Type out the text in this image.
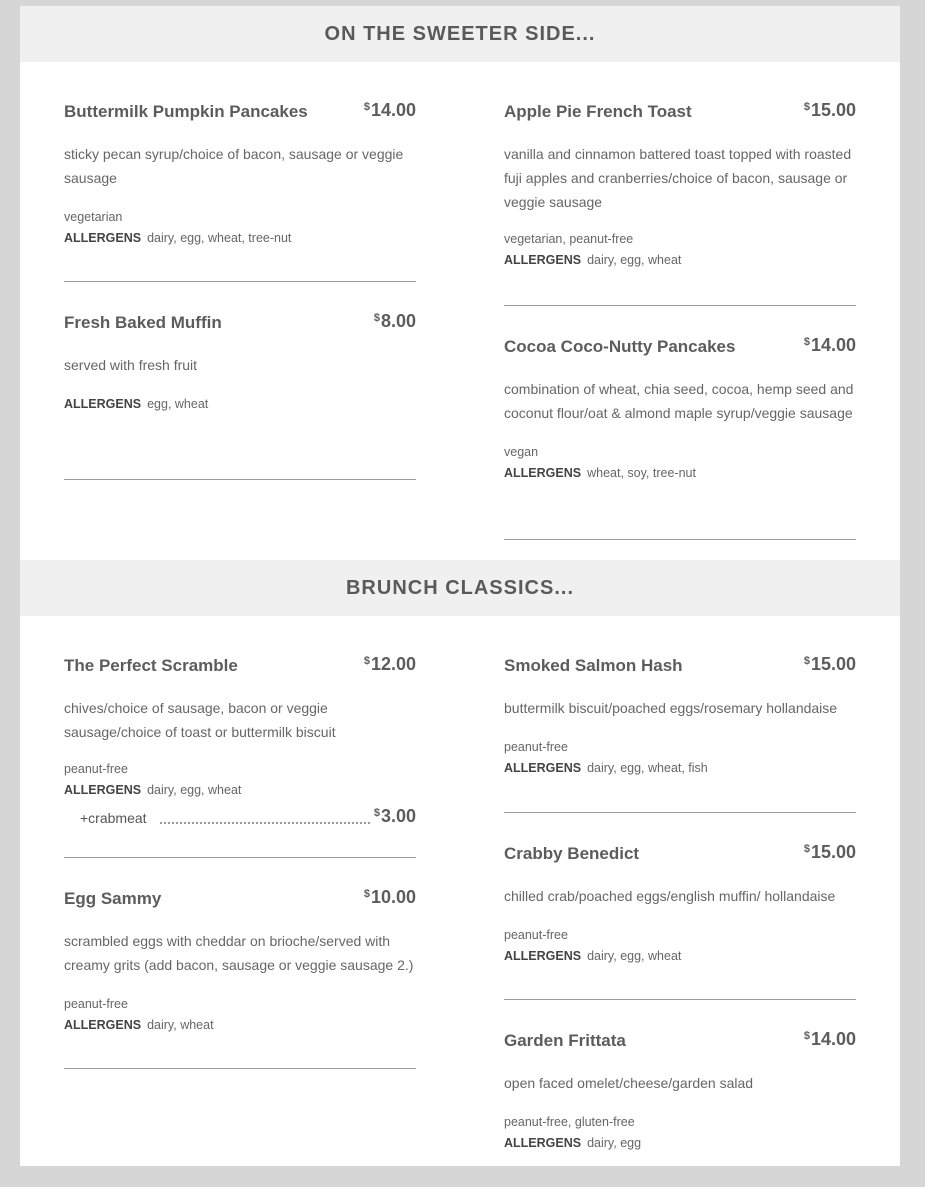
ON THE SWEETER SIDE...
Buttermilk Pumpkin Pancakes	$14.00
sticky pecan syrup/choice of bacon, sausage or veggie sausage
vegetarian
ALLERGENS dairy, egg, wheat, tree-nut
Fresh Baked Muffin	$8.00
served with fresh fruit
ALLERGENS egg, wheat
Apple Pie French Toast	$15.00
vanilla and cinnamon battered toast topped with roasted fuji apples and cranberries/choice of bacon, sausage or veggie sausage
vegetarian, peanut-free
ALLERGENS dairy, egg, wheat
Cocoa Coco-Nutty Pancakes	$14.00
combination of wheat, chia seed, cocoa, hemp seed and coconut flour/oat & almond maple syrup/veggie sausage
vegan
ALLERGENS wheat, soy, tree-nut
BRUNCH CLASSICS...
The Perfect Scramble	$12.00
chives/choice of sausage, bacon or veggie sausage/choice of toast or buttermilk biscuit
peanut-free
ALLERGENS dairy, egg, wheat
+crabmeat	$3.00
Egg Sammy	$10.00
scrambled eggs with cheddar on brioche/served with creamy grits (add bacon, sausage or veggie sausage 2.)
peanut-free
ALLERGENS dairy, wheat
Smoked Salmon Hash	$15.00
buttermilk biscuit/poached eggs/rosemary hollandaise
peanut-free
ALLERGENS dairy, egg, wheat, fish
Crabby Benedict	$15.00
chilled crab/poached eggs/english muffin/ hollandaise
peanut-free
ALLERGENS dairy, egg, wheat
Garden Frittata	$14.00
open faced omelet/cheese/garden salad
peanut-free, gluten-free
ALLERGENS dairy, egg
